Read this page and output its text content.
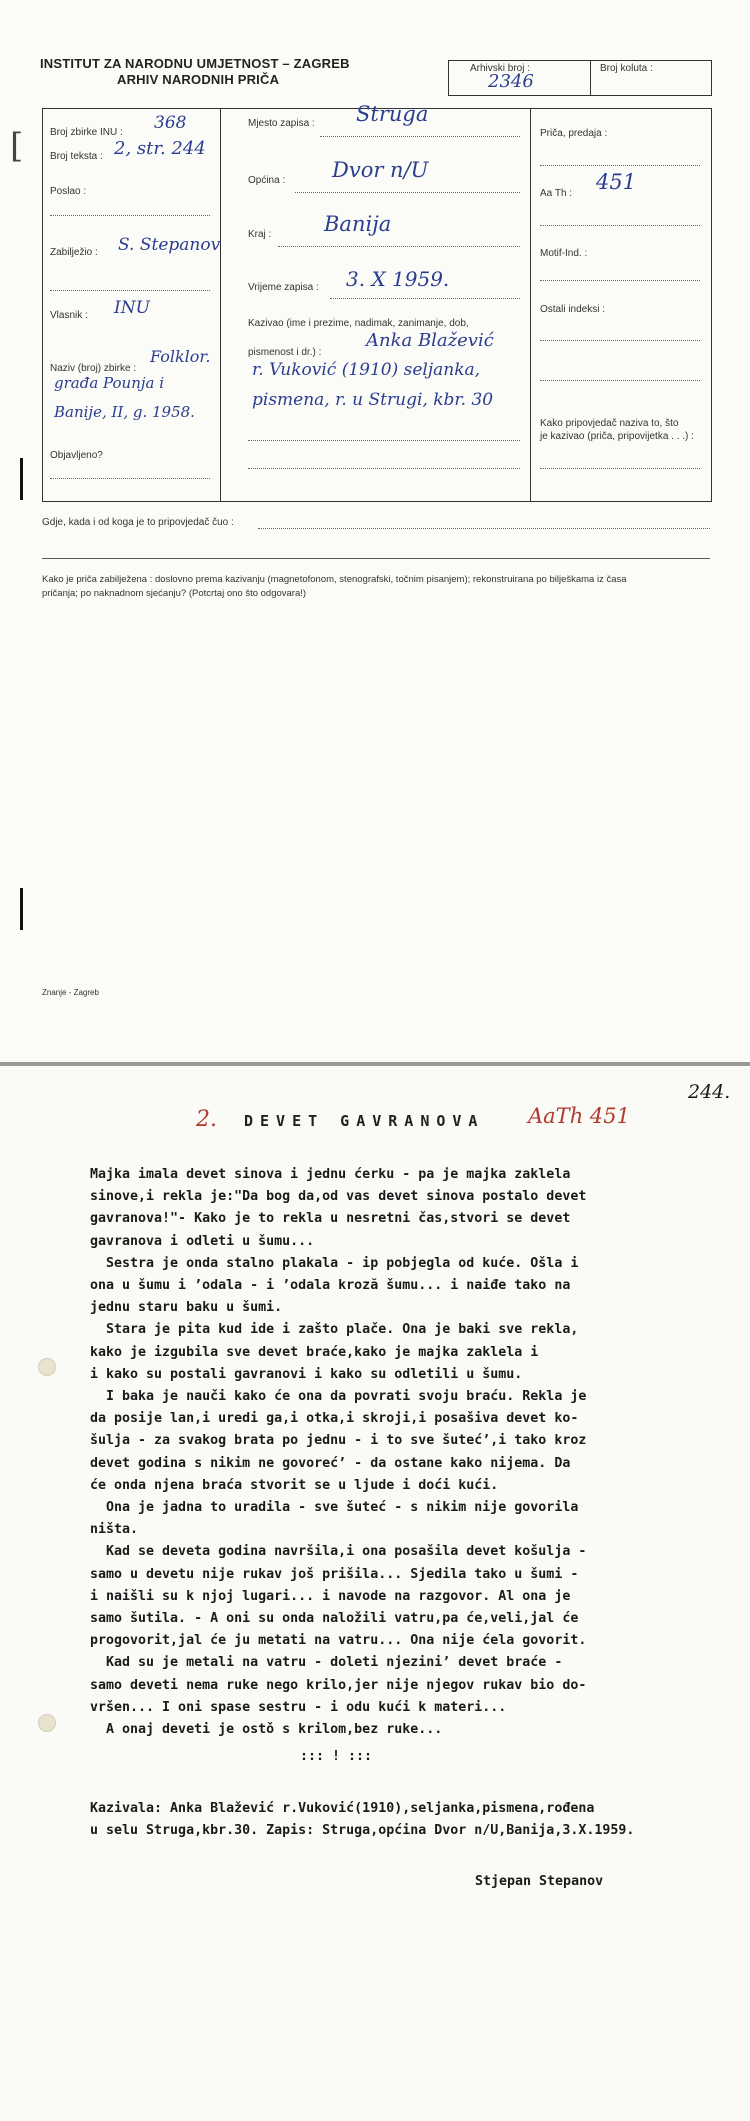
INSTITUT ZA NARODNU UMJETNOST – ZAGREB
ARHIV NARODNIH PRIČA
Arhivski broj :
2346
Broj koluta :
Broj zbirke INU : 368
Broj teksta : 2, str. 244
Poslao :
Zabilježio : S. Stepanov
Vlasnik : INU
Naziv (broj) zbirke :
Folklor.
građa Pounja i
Banije, II, g. 1958.
Objavljeno?
Mjesto zapisa : Struga
Općina : Dvor n/U
Kraj :	Banija
Vrijeme zapisa : 3. X 1959.
Kazivao (ime i prezime, nadimak, zanimanje, dob,
pismenost i dr.) :
Anka Blažević
r. Vuković (1910) seljanka,
pismena, r. u Strugi, kbr. 30
Priča, predaja :
Aa Th : 451
Motif-Ind. :
Ostali indeksi :
Kako pripovjedač naziva to, što
je kazivao (priča, pripovijetka . . .) :
Gdje, kada i od koga je to pripovjedač čuo :
Kako je priča zabilježena : doslovno prema kazivanju (magnetofonom, stenografski, točnim pisanjem); rekonstruirana po bilješkama iz časa
pričanja; po naknadnom sjećanju? (Potcrtaj ono što odgovara!)
Znanje - Zagreb
[
244.
2. DEVET GAVRANOVA AaTh 451
Majka imala devet sinova i jednu ćerku - pa je majka zaklela
sinove,i rekla je:"Da bog da,od vas devet sinova postalo devet
gavranova!"- Kako je to rekla u nesretni čas,stvori se devet
gavranova i odleti u šumu...
Sestra je onda stalno plakala - ip pobjegla od kuće. Ošla i
ona u šumu i ’odala - i ’odala kroză šumu... i naiđe tako na
jednu staru baku u šumi.
Stara je pita kud ide i zašto plače. Ona je baki sve rekla,
kako je izgubila sve devet braće,kako je majka zaklela i
i kako su postali gavranovi i kako su odletili u šumu.
I baka je nauči kako će ona da povrati svoju braću. Rekla je
da posije lan,i uredi ga,i otka,i skroji,i posašiva devet ko-
šulja - za svakog brata po jednu - i to sve šuteć’,i tako kroz
devet godina s nikim ne govoreć’ - da ostane kako nijema. Da
će onda njena braća stvorit se u ljude i doći kući.
Ona je jadna to uradila - sve šuteć - s nikim nije govorila
ništa.
Kad se deveta godina navršila,i ona posašila devet košulja -
samo u devetu nije rukav još prišila... Sjedila tako u šumi -
i naišli su k njoj lugari... i navode na razgovor. Al ona je
samo šutila. - A oni su onda naložili vatru,pa će,veli,jal će
progovorit,jal će ju metati na vatru... Ona nije ćela govorit.
Kad su je metali na vatru - doleti njezini’ devet braće -
samo deveti nema ruke nego krilo,jer nije njegov rukav bio do-
vršen... I oni spase sestru - i odu kući k materi...
A onaj deveti je ostǒ s krilom,bez ruke...
::: ! :::
Kazivala: Anka Blažević r.Vuković(1910),seljanka,pismena,rođena
u selu Struga,kbr.30. Zapis: Struga,općina Dvor n/U,Banija,3.X.1959.
Stjepan Stepanov
